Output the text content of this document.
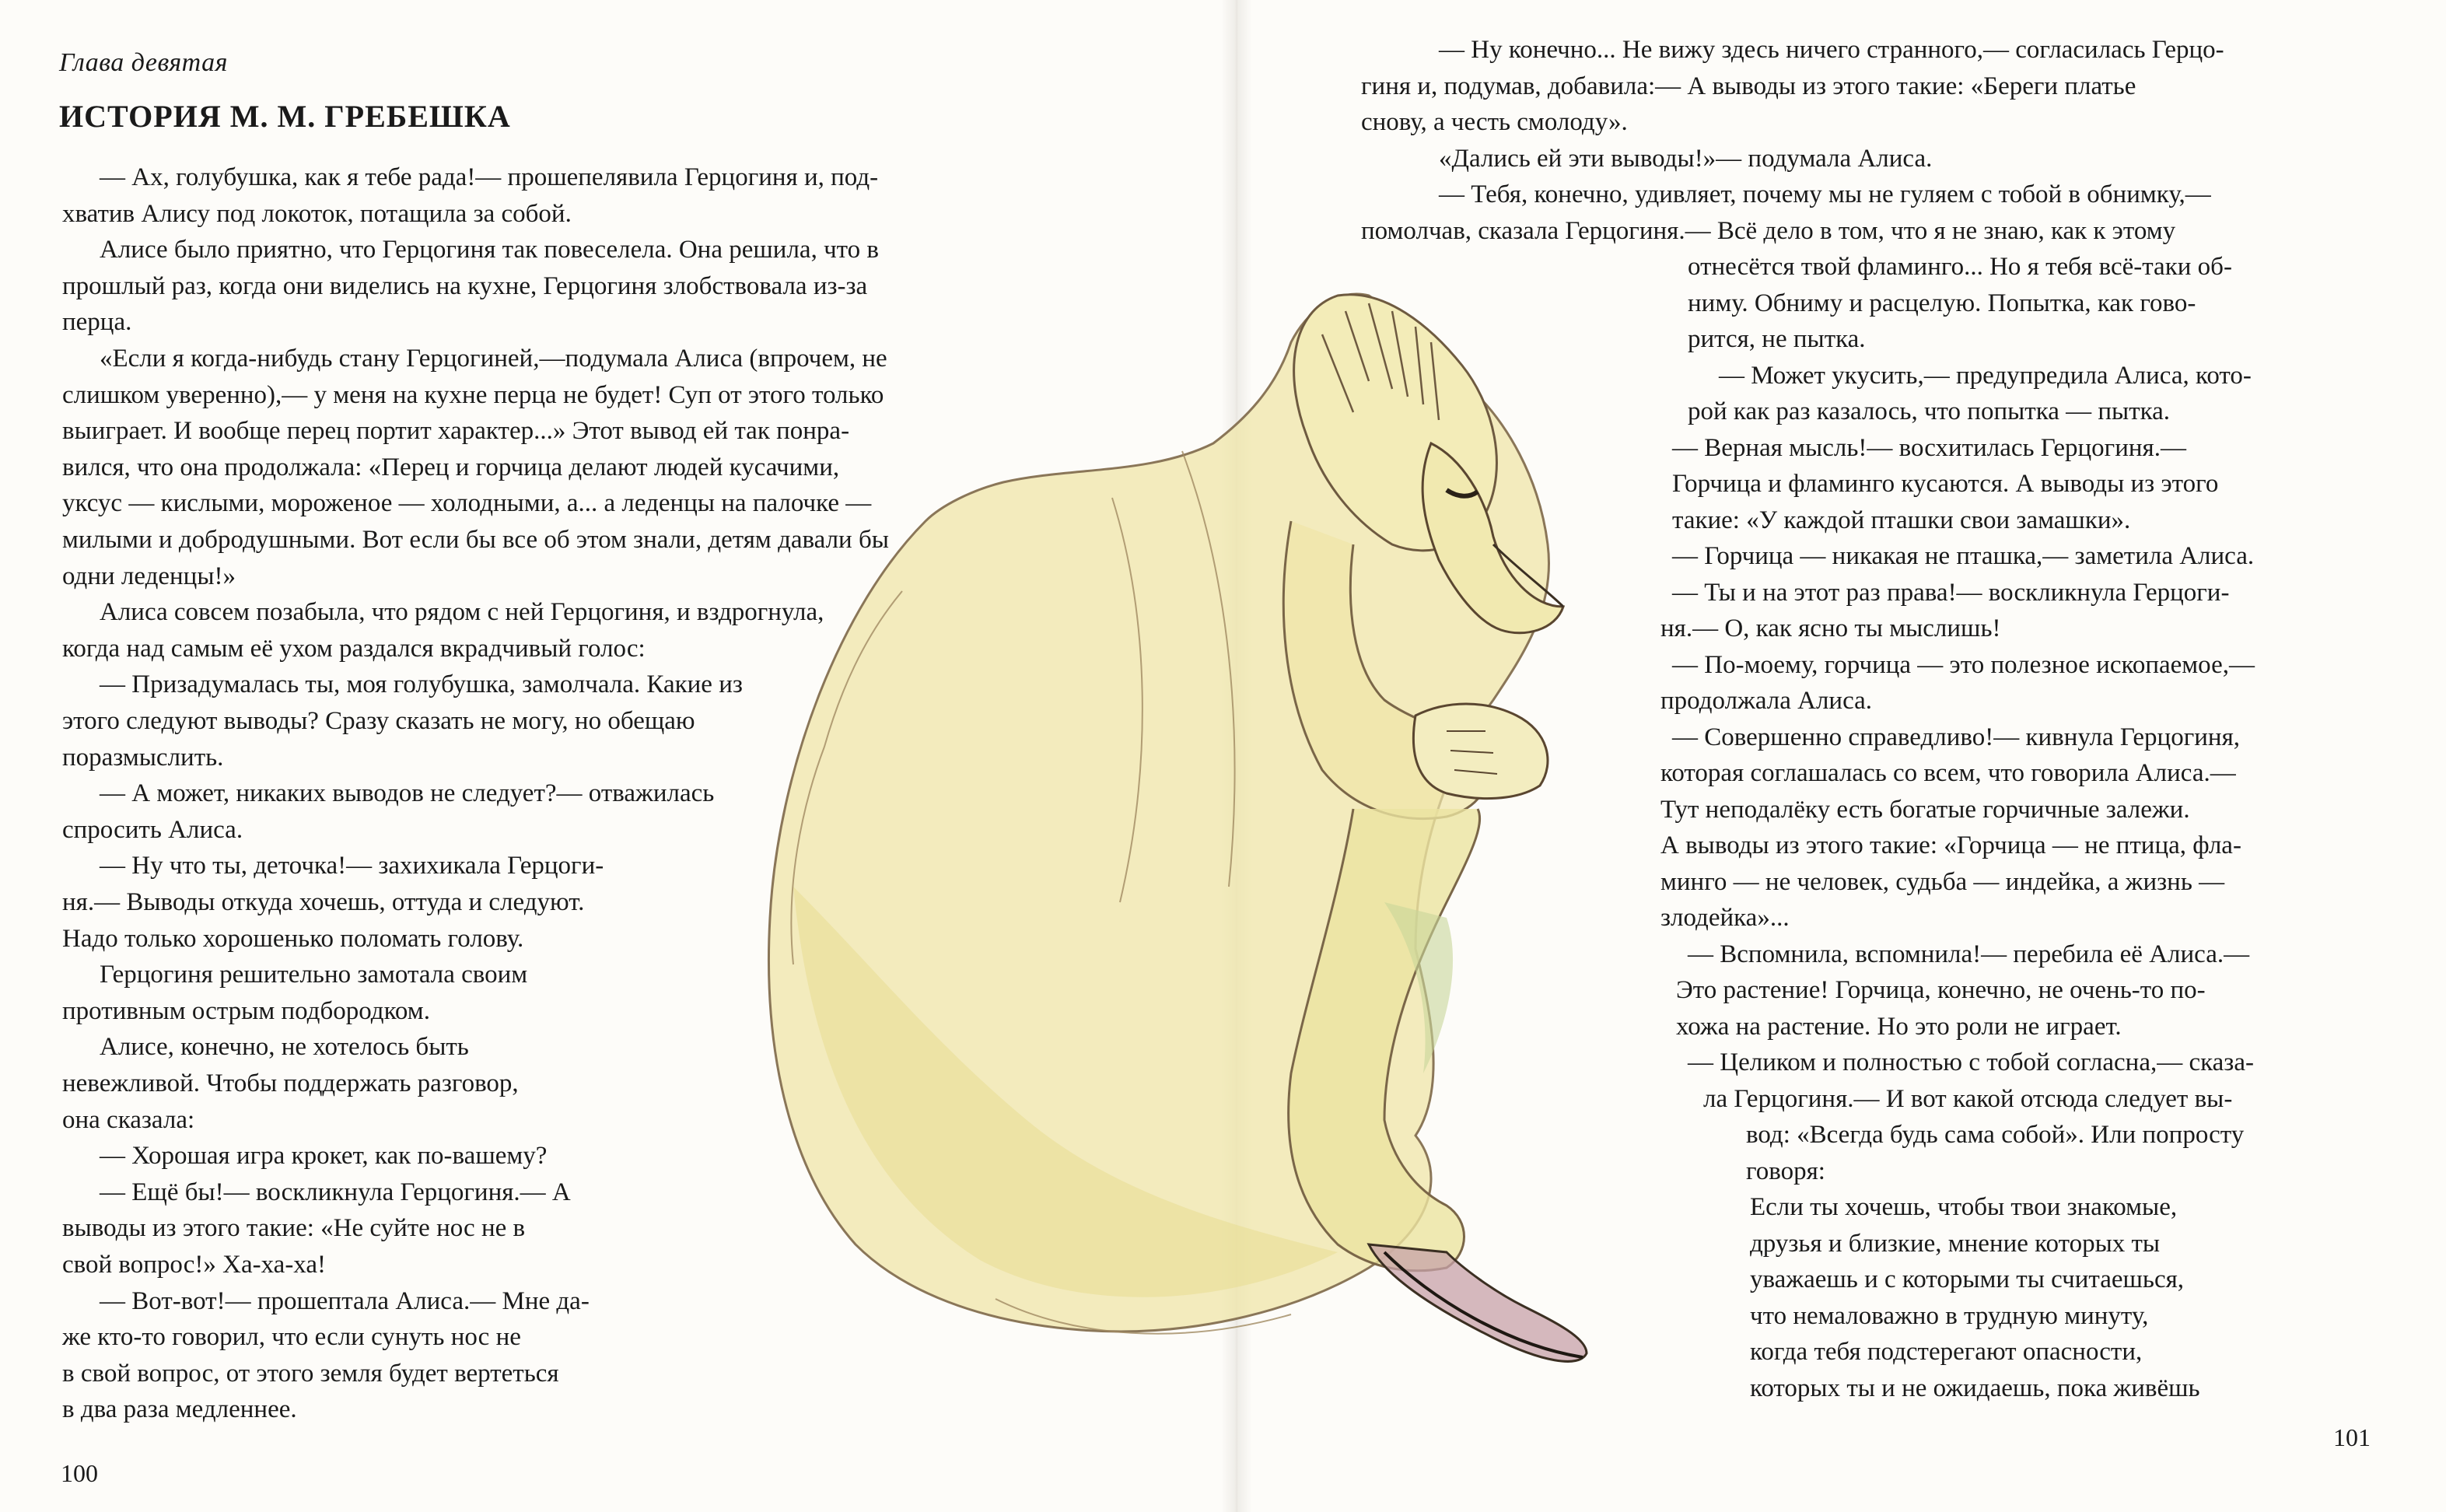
Глава девятая
ИСТОРИЯ М. М. ГРЕБЕШКА
— Ах, голубушка, как я тебе рада!— прошепелявила Герцогиня и, под-
хватив Алису под локоток, потащила за собой.
Алисе было приятно, что Герцогиня так повеселела. Она решила, что в
прошлый раз, когда они виделись на кухне, Герцогиня злобствовала из-за
перца.
«Если я когда-нибудь стану Герцогиней,—подумала Алиса (впрочем, не
слишком уверенно),— у меня на кухне перца не будет! Суп от этого только
выиграет. И вообще перец портит характер...» Этот вывод ей так понра-
вился, что она продолжала: «Перец и горчица делают людей кусачими,
уксус — кислыми, мороженое — холодными, а... а леденцы на палочке —
милыми и добродушными. Вот если бы все об этом знали, детям давали бы
одни леденцы!»
Алиса совсем позабыла, что рядом с ней Герцогиня, и вздрогнула,
когда над самым её ухом раздался вкрадчивый голос:
— Призадумалась ты, моя голубушка, замолчала. Какие из
этого следуют выводы? Сразу сказать не могу, но обещаю
поразмыслить.
— А может, никаких выводов не следует?— отважилась
спросить Алиса.
— Ну что ты, деточка!— захихикала Герцоги-
ня.— Выводы откуда хочешь, оттуда и следуют.
Надо только хорошенько поломать голову.
Герцогиня решительно замотала своим
противным острым подбородком.
Алисе, конечно, не хотелось быть
невежливой. Чтобы поддержать разговор,
она сказала:
— Хорошая игра крокет, как по-вашему?
— Ещё бы!— воскликнула Герцогиня.— А
выводы из этого такие: «Не суйте нос не в
свой вопрос!» Ха-ха-ха!
— Вот-вот!— прошептала Алиса.— Мне да-
же кто-то говорил, что если сунуть нос не
в свой вопрос, от этого земля будет вертеться
в два раза медленнее.
100
— Ну конечно... Не вижу здесь ничего странного,— согласилась Герцо-
гиня и, подумав, добавила:— А выводы из этого такие: «Береги платье
снову, а честь смолоду».
«Дались ей эти выводы!»— подумала Алиса.
— Тебя, конечно, удивляет, почему мы не гуляем с тобой в обнимку,—
помолчав, сказала Герцогиня.— Всё дело в том, что я не знаю, как к этому
отнесётся твой фламинго... Но я тебя всё-таки об-
ниму. Обниму и расцелую. Попытка, как гово-
рится, не пытка.
— Может укусить,— предупредила Алиса, кото-
рой как раз казалось, что попытка — пытка.
— Верная мысль!— восхитилась Герцогиня.—
Горчица и фламинго кусаются. А выводы из этого
такие: «У каждой пташки свои замашки».
— Горчица — никакая не пташка,— заметила Алиса.
— Ты и на этот раз права!— воскликнула Герцоги-
ня.— О, как ясно ты мыслишь!
— По-моему, горчица — это полезное ископаемое,—
продолжала Алиса.
— Совершенно справедливо!— кивнула Герцогиня,
которая соглашалась со всем, что говорила Алиса.—
Тут неподалёку есть богатые горчичные залежи.
А выводы из этого такие: «Горчица — не птица, фла-
минго — не человек, судьба — индейка, а жизнь —
злодейка»...
— Вспомнила, вспомнила!— перебила её Алиса.—
Это растение! Горчица, конечно, не очень-то по-
хожа на растение. Но это роли не играет.
— Целиком и полностью с тобой согласна,— сказа-
ла Герцогиня.— И вот какой отсюда следует вы-
вод: «Всегда будь сама собой». Или попросту
говоря:
Если ты хочешь, чтобы твои знакомые,
друзья и близкие, мнение которых ты
уважаешь и с которыми ты считаешься,
что немаловажно в трудную минуту,
когда тебя подстерегают опасности,
которых ты и не ожидаешь, пока живёшь
101
